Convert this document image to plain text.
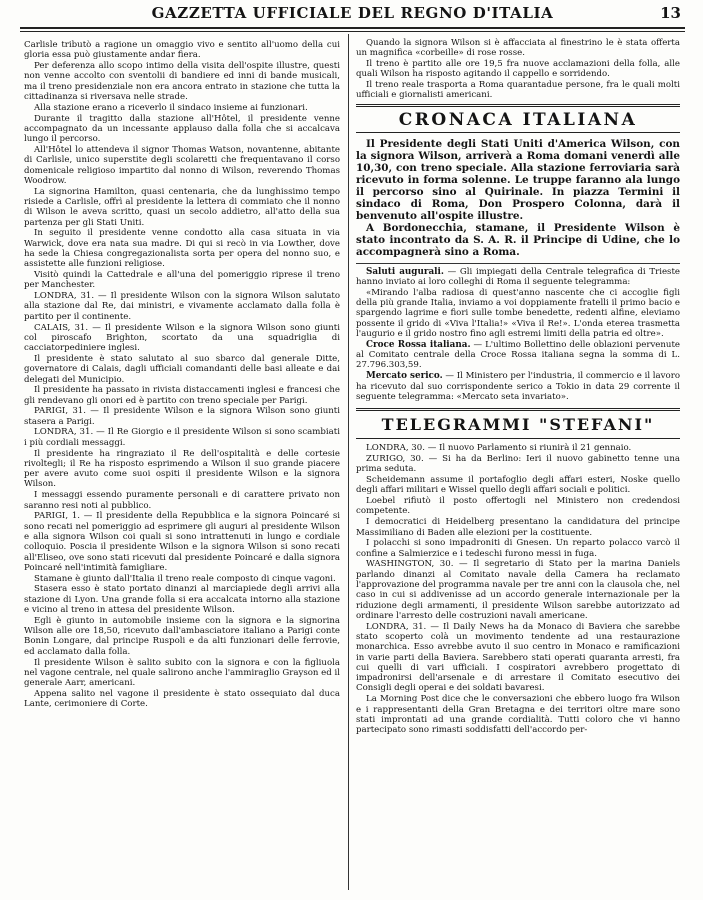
GAZZETTA UFFICIALE DEL REGNO D'ITALIA	13

Carlisle tributò a ragione un omaggio vivo e sentito all'uomo della cui gloria essa può giustamente andar fiera.

Per deferenza allo scopo intimo della visita dell'ospite illustre, questi non venne accolto con sventolii di bandiere ed inni di bande musicali, ma il treno presidenziale non era ancora entrato in stazione che tutta la cittadinanza si riversava nelle strade.

Alla stazione erano a riceverlo il sindaco insieme ai funzionari.

Durante il tragitto dalla stazione all'Hôtel, il presidente venne accompagnato da un incessante applauso dalla folla che si accalcava lungo il percorso.

All'Hôtel lo attendeva il signor Thomas Watson, novantenne, abitante di Carlisle, unico superstite degli scolaretti che frequentavano il corso domenicale religioso impartito dal nonno di Wilson, reverendo Thomas Woodrow.

La signorina Hamilton, quasi centenaria, che da lunghissimo tempo risiede a Carlisle, offrì al presidente la lettera di commiato che il nonno di Wilson le aveva scritto, quasi un secolo addietro, all'atto della sua partenza per gli Stati Uniti.

In seguito il presidente venne condotto alla casa situata in via Warwick, dove era nata sua madre. Di qui si recò in via Lowther, dove ha sede la Chiesa congregazionalista sorta per opera del nonno suo, e assistette alle funzioni religiose.

Visitò quindi la Cattedrale e all'una del pomeriggio riprese il treno per Manchester.

LONDRA, 31. — Il presidente Wilson con la signora Wilson salutato alla stazione dal Re, dai ministri, e vivamente acclamato dalla folla è partito per il continente.

CALAIS, 31. — Il presidente Wilson e la signora Wilson sono giunti col piroscafo Brighton, scortato da una squadriglia di cacciatorpediniere inglesi.

Il presidente è stato salutato al suo sbarco dal generale Ditte, governatore di Calais, dagli ufficiali comandanti delle basi alleate e dai delegati del Municipio.

Il presidente ha passato in rivista distaccamenti inglesi e francesi che gli rendevano gli onori ed è partito con treno speciale per Parigi.

PARIGI, 31. — Il presidente Wilson e la signora Wilson sono giunti stasera a Parigi.

LONDRA, 31. — Il Re Giorgio e il presidente Wilson si sono scambiati i più cordiali messaggi.

Il presidente ha ringraziato il Re dell'ospitalità e delle cortesie rivoltegli; il Re ha risposto esprimendo a Wilson il suo grande piacere per avere avuto come suoi ospiti il presidente Wilson e la signora Wilson.

I messaggi essendo puramente personali e di carattere privato non saranno resi noti al pubblico.

PARIGI, 1. — Il presidente della Repubblica e la signora Poincaré si sono recati nel pomeriggio ad esprimere gli auguri al presidente Wilson e alla signora Wilson coi quali si sono intrattenuti in lungo e cordiale colloquio. Poscia il presidente Wilson e la signora Wilson si sono recati all'Eliseo, ove sono stati ricevuti dal presidente Poincaré e dalla signora Poincaré nell'intimità famigliare.

Stamane è giunto dall'Italia il treno reale composto di cinque vagoni.

Stasera esso è stato portato dinanzi al marciapiede degli arrivi alla stazione di Lyon. Una grande folla si era accalcata intorno alla stazione e vicino al treno in attesa del presidente Wilson.

Egli è giunto in automobile insieme con la signora e la signorina Wilson alle ore 18,50, ricevuto dall'ambasciatore italiano a Parigi conte Bonin Longare, dal principe Ruspoli e da alti funzionari delle ferrovie, ed acclamato dalla folla.

Il presidente Wilson è salito subito con la signora e con la figliuola nel vagone centrale, nel quale salirono anche l'ammiraglio Grayson ed il generale Aarr, americani.

Appena salito nel vagone il presidente è stato ossequiato dal duca Lante, cerimoniere di Corte.

Quando la signora Wilson si è affacciata al finestrino le è stata offerta un magnifica «corbeille» di rose rosse.

Il treno è partito alle ore 19,5 fra nuove acclamazioni della folla, alle quali Wilson ha risposto agitando il cappello e sorridendo.

Il treno reale trasporta a Roma quarantadue persone, fra le quali molti ufficiali e giornalisti americani.

CRONACA ITALIANA

Il Presidente degli Stati Uniti d'America Wilson, con la signora Wilson, arriverà a Roma domani venerdì alle 10,30, con treno speciale. Alla stazione ferroviaria sarà ricevuto in forma solenne. Le truppe faranno ala lungo il percorso sino al Quirinale. In piazza Termini il sindaco di Roma, Don Prospero Colonna, darà il benvenuto all'ospite illustre.

A Bordonecchia, stamane, il Presidente Wilson è stato incontrato da S. A. R. il Principe di Udine, che lo accompagnerà sino a Roma.

Saluti augurali. — Gli impiegati della Centrale telegrafica di Trieste hanno inviato ai loro colleghi di Roma il seguente telegramma:

«Mirando l'alba radiosa di quest'anno nascente che ci accoglie figli della più grande Italia, inviamo a voi doppiamente fratelli il primo bacio e spargendo lagrime e fiori sulle tombe benedette, redenti alfine, eleviamo possente il grido di «Viva l'Italia!» «Viva il Re!». L'onda eterea trasmetta l'augurio e il grido nostro fino agli estremi limiti della patria ed oltre».

Croce Rossa italiana. — L'ultimo Bollettino delle oblazioni pervenute al Comitato centrale della Croce Rossa italiana segna la somma di L. 27.796.303,59.

Mercato serico. — Il Ministero per l'industria, il commercio e il lavoro ha ricevuto dal suo corrispondente serico a Tokio in data 29 corrente il seguente telegramma: «Mercato seta invariato».

TELEGRAMMI "STEFANI"

LONDRA, 30. — Il nuovo Parlamento si riunirà il 21 gennaio.

ZURIGO, 30. — Si ha da Berlino: Ieri il nuovo gabinetto tenne una prima seduta.

Scheidemann assume il portafoglio degli affari esteri, Noske quello degli affari militari e Wissel quello degli affari sociali e politici.

Loebel rifiutò il posto offertogli nel Ministero non credendosi competente.

I democratici di Heidelberg presentano la candidatura del principe Massimiliano di Baden alle elezioni per la costituente.

I polacchi si sono impadroniti di Gnesen. Un reparto polacco varcò il confine a Salmierzice e i tedeschi furono messi in fuga.

WASHINGTON, 30. — Il segretario di Stato per la marina Daniels parlando dinanzi al Comitato navale della Camera ha reclamato l'approvazione del programma navale per tre anni con la clausola che, nel caso in cui si addivenisse ad un accordo generale internazionale per la riduzione degli armamenti, il presidente Wilson sarebbe autorizzato ad ordinare l'arresto delle costruzioni navali americane.

LONDRA, 31. — Il Daily News ha da Monaco di Baviera che sarebbe stato scoperto colà un movimento tendente ad una restaurazione monarchica. Esso avrebbe avuto il suo centro in Monaco e ramificazioni in varie parti della Baviera. Sarebbero stati operati quaranta arresti, fra cui quelli di vari ufficiali. I cospiratori avrebbero progettato di impadronirsi dell'arsenale e di arrestare il Comitato esecutivo dei Consigli degli operai e dei soldati bavaresi.

La Morning Post dice che le conversazioni che ebbero luogo fra Wilson e i rappresentanti della Gran Bretagna e dei territori oltre mare sono stati improntati ad una grande cordialità. Tutti coloro che vi hanno partecipato sono rimasti soddisfatti dell'accordo per-
